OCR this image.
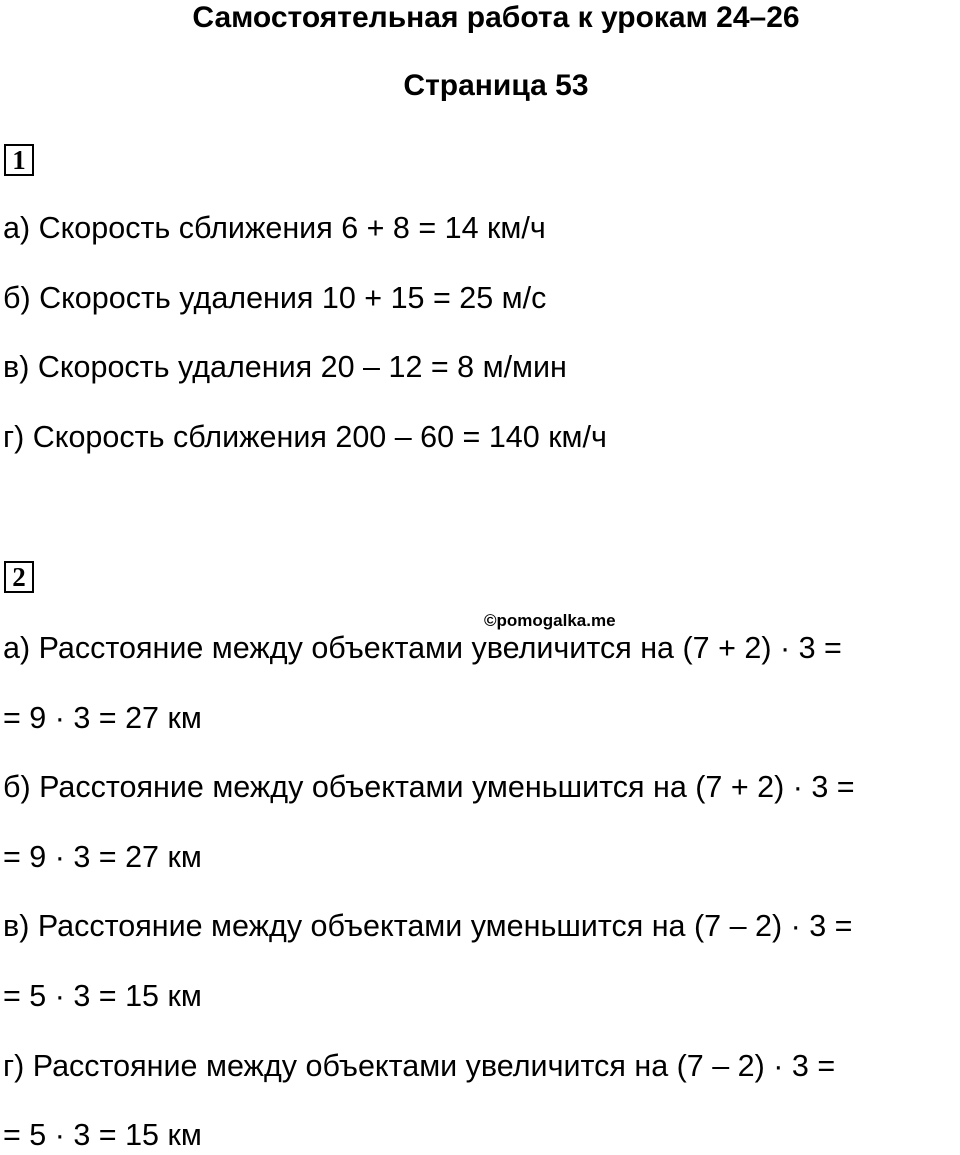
Самостоятельная работа к урокам 24–26
Страница 53
1
а) Скорость сближения 6 + 8 = 14 км/ч
б) Скорость удаления 10 + 15 = 25 м/с
в) Скорость удаления 20 – 12 = 8 м/мин
г) Скорость сближения 200 – 60 = 140 км/ч
2
©pomogalka.me
а) Расстояние между объектами увеличится на (7 + 2) · 3 =
= 9 · 3 = 27 км
б) Расстояние между объектами уменьшится на (7 + 2) · 3 =
= 9 · 3 = 27 км
в) Расстояние между объектами уменьшится на (7 – 2) · 3 =
= 5 · 3 = 15 км
г) Расстояние между объектами увеличится на (7 – 2) · 3 =
= 5 · 3 = 15 км
